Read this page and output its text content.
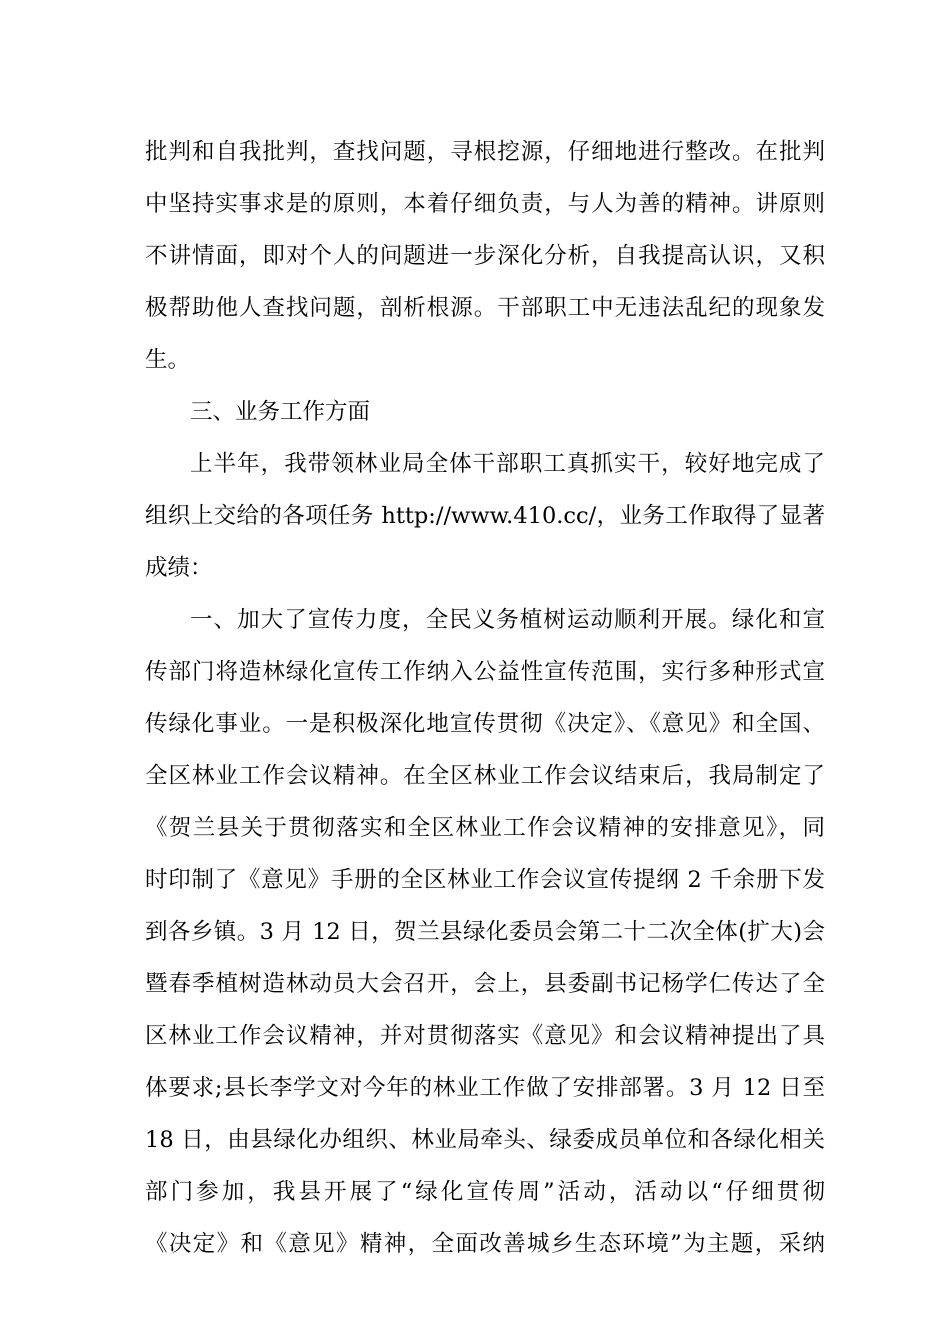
批判和自我批判，查找问题，寻根挖源，仔细地进行整改。在批判
中坚持实事求是的原则，本着仔细负责，与人为善的精神。讲原则
不讲情面，即对个人的问题进一步深化分析，自我提高认识，又积
极帮助他人查找问题，剖析根源。干部职工中无违法乱纪的现象发
生。
三、业务工作方面
上半年，我带领林业局全体干部职工真抓实干，较好地完成了
组织上交给的各项任务 http://www.410.cc/，业务工作取得了显著
成绩：
一、加大了宣传力度，全民义务植树运动顺利开展。绿化和宣
传部门将造林绿化宣传工作纳入公益性宣传范围，实行多种形式宣
传绿化事业。一是积极深化地宣传贯彻《决定》、《意见》和全国、
全区林业工作会议精神。在全区林业工作会议结束后，我局制定了
《贺兰县关于贯彻落实和全区林业工作会议精神的安排意见》，同
时印制了《意见》手册的全区林业工作会议宣传提纲 2 千余册下发
到各乡镇。3 月 12 日，贺兰县绿化委员会第二十二次全体(扩大)会
暨春季植树造林动员大会召开，会上，县委副书记杨学仁传达了全
区林业工作会议精神，并对贯彻落实《意见》和会议精神提出了具
体要求;县长李学文对今年的林业工作做了安排部署。3 月 12 日至
18 日，由县绿化办组织、林业局牵头、绿委成员单位和各绿化相关
部门参加，我县开展了“绿化宣传周”活动，活动以“仔细贯彻
《决定》和《意见》精神，全面改善城乡生态环境”为主题，采纳
